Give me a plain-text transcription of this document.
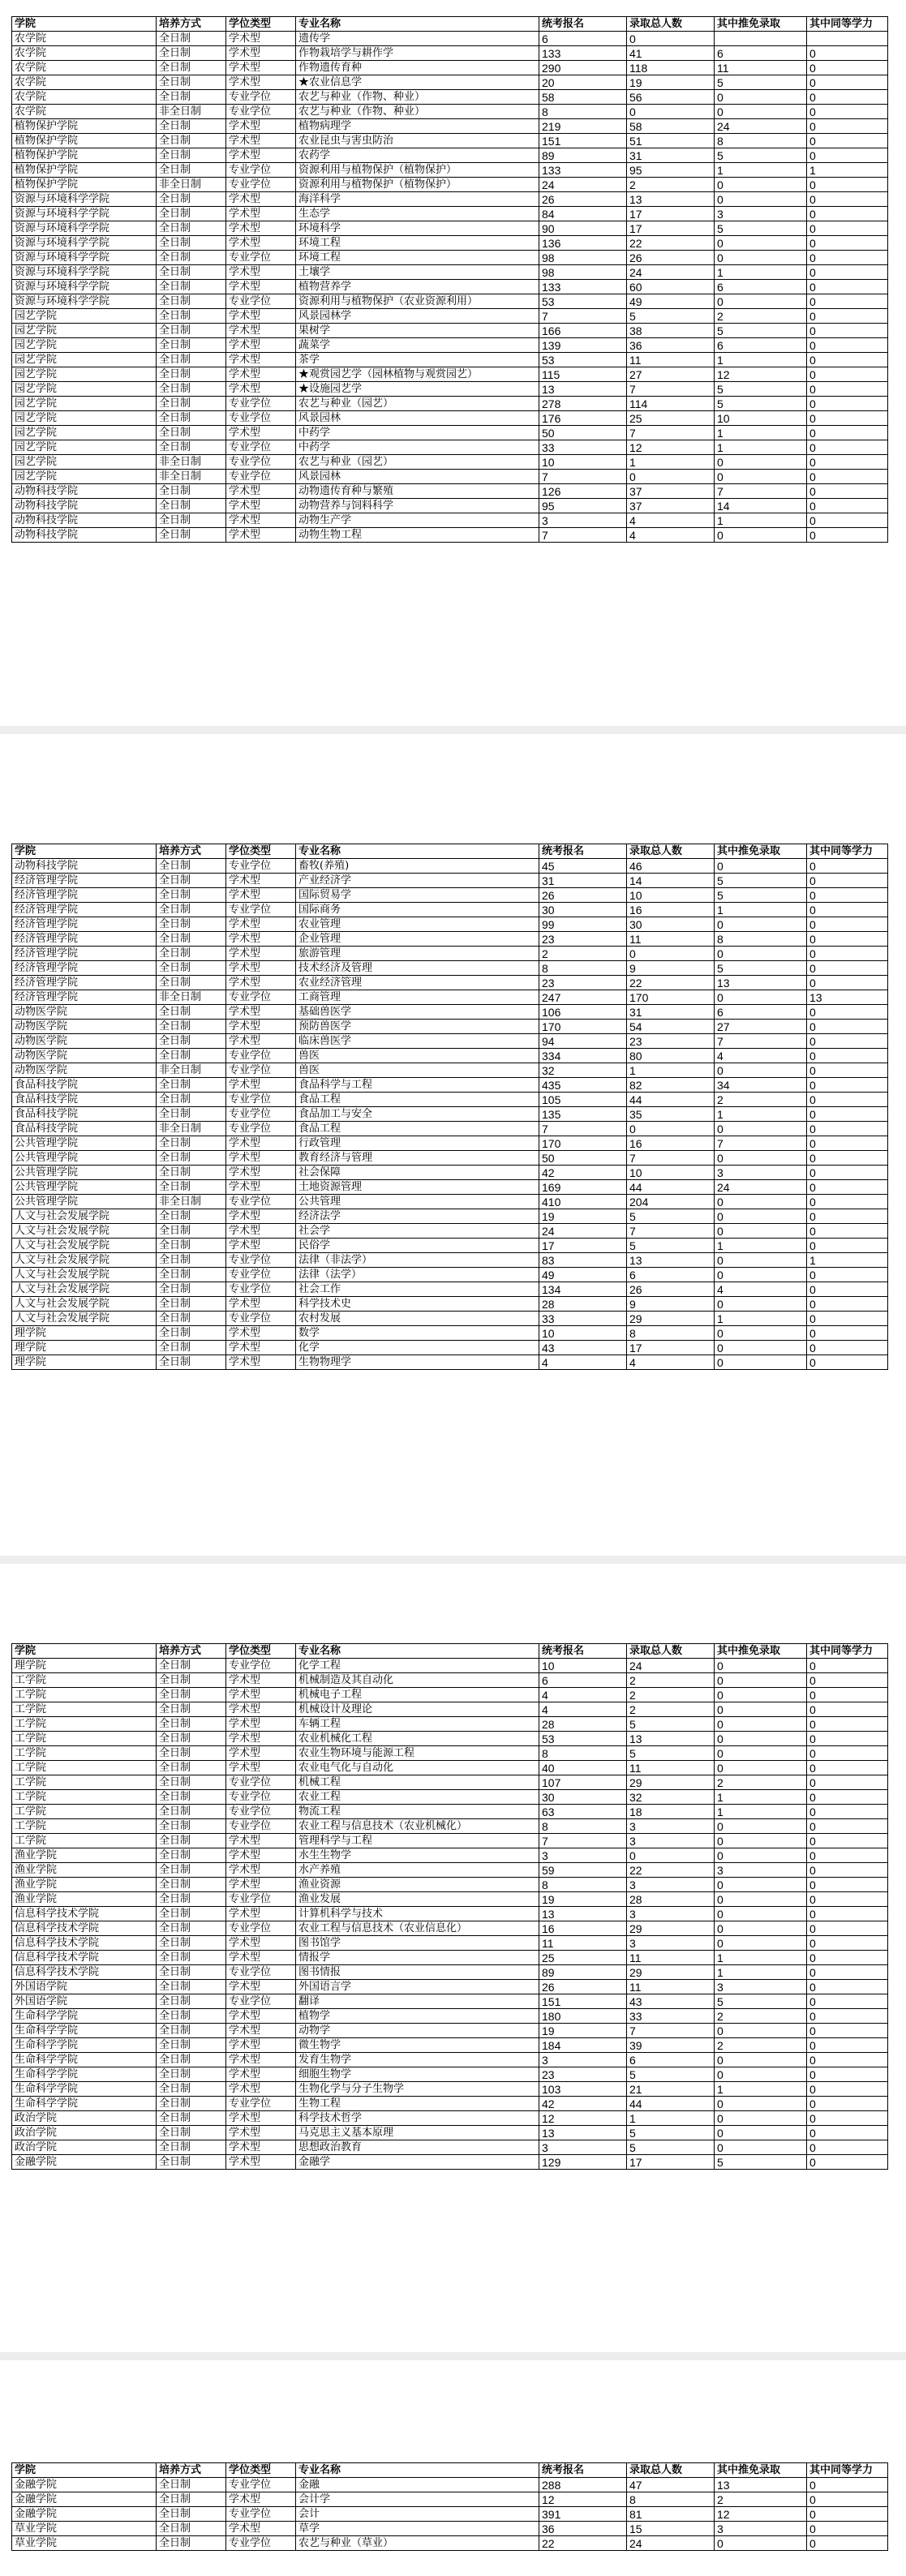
学院	培养方式	学位类型	专业名称	统考报名	录取总人数	其中推免录取	其中同等学力
农学院	全日制	学术型	遗传学	6	0		
农学院	全日制	学术型	作物栽培学与耕作学	133	41	6	0
农学院	全日制	学术型	作物遗传育种	290	118	11	0
农学院	全日制	学术型	★农业信息学	20	19	5	0
农学院	全日制	专业学位	农艺与种业（作物、种业）	58	56	0	0
农学院	非全日制	专业学位	农艺与种业（作物、种业）	8	0	0	0
植物保护学院	全日制	学术型	植物病理学	219	58	24	0
植物保护学院	全日制	学术型	农业昆虫与害虫防治	151	51	8	0
植物保护学院	全日制	学术型	农药学	89	31	5	0
植物保护学院	全日制	专业学位	资源利用与植物保护（植物保护）	133	95	1	1
植物保护学院	非全日制	专业学位	资源利用与植物保护（植物保护）	24	2	0	0
资源与环境科学学院	全日制	学术型	海洋科学	26	13	0	0
资源与环境科学学院	全日制	学术型	生态学	84	17	3	0
资源与环境科学学院	全日制	学术型	环境科学	90	17	5	0
资源与环境科学学院	全日制	学术型	环境工程	136	22	0	0
资源与环境科学学院	全日制	专业学位	环境工程	98	26	0	0
资源与环境科学学院	全日制	学术型	土壤学	98	24	1	0
资源与环境科学学院	全日制	学术型	植物营养学	133	60	6	0
资源与环境科学学院	全日制	专业学位	资源利用与植物保护（农业资源利用）	53	49	0	0
园艺学院	全日制	学术型	风景园林学	7	5	2	0
园艺学院	全日制	学术型	果树学	166	38	5	0
园艺学院	全日制	学术型	蔬菜学	139	36	6	0
园艺学院	全日制	学术型	茶学	53	11	1	0
园艺学院	全日制	学术型	★观赏园艺学（园林植物与观赏园艺）	115	27	12	0
园艺学院	全日制	学术型	★设施园艺学	13	7	5	0
园艺学院	全日制	专业学位	农艺与种业（园艺）	278	114	5	0
园艺学院	全日制	专业学位	风景园林	176	25	10	0
园艺学院	全日制	学术型	中药学	50	7	1	0
园艺学院	全日制	专业学位	中药学	33	12	1	0
园艺学院	非全日制	专业学位	农艺与种业（园艺）	10	1	0	0
园艺学院	非全日制	专业学位	风景园林	7	0	0	0
动物科技学院	全日制	学术型	动物遗传育种与繁殖	126	37	7	0
动物科技学院	全日制	学术型	动物营养与饲料科学	95	37	14	0
动物科技学院	全日制	学术型	动物生产学	3	4	1	0
动物科技学院	全日制	学术型	动物生物工程	7	4	0	0
学院	培养方式	学位类型	专业名称	统考报名	录取总人数	其中推免录取	其中同等学力
动物科技学院	全日制	专业学位	畜牧(养殖)	45	46	0	0
经济管理学院	全日制	学术型	产业经济学	31	14	5	0
经济管理学院	全日制	学术型	国际贸易学	26	10	5	0
经济管理学院	全日制	专业学位	国际商务	30	16	1	0
经济管理学院	全日制	学术型	农业管理	99	30	0	0
经济管理学院	全日制	学术型	企业管理	23	11	8	0
经济管理学院	全日制	学术型	旅游管理	2	0	0	0
经济管理学院	全日制	学术型	技术经济及管理	8	9	5	0
经济管理学院	全日制	学术型	农业经济管理	23	22	13	0
经济管理学院	非全日制	专业学位	工商管理	247	170	0	13
动物医学院	全日制	学术型	基础兽医学	106	31	6	0
动物医学院	全日制	学术型	预防兽医学	170	54	27	0
动物医学院	全日制	学术型	临床兽医学	94	23	7	0
动物医学院	全日制	专业学位	兽医	334	80	4	0
动物医学院	非全日制	专业学位	兽医	32	1	0	0
食品科技学院	全日制	学术型	食品科学与工程	435	82	34	0
食品科技学院	全日制	专业学位	食品工程	105	44	2	0
食品科技学院	全日制	专业学位	食品加工与安全	135	35	1	0
食品科技学院	非全日制	专业学位	食品工程	7	0	0	0
公共管理学院	全日制	学术型	行政管理	170	16	7	0
公共管理学院	全日制	学术型	教育经济与管理	50	7	0	0
公共管理学院	全日制	学术型	社会保障	42	10	3	0
公共管理学院	全日制	学术型	土地资源管理	169	44	24	0
公共管理学院	非全日制	专业学位	公共管理	410	204	0	0
人文与社会发展学院	全日制	学术型	经济法学	19	5	0	0
人文与社会发展学院	全日制	学术型	社会学	24	7	0	0
人文与社会发展学院	全日制	学术型	民俗学	17	5	1	0
人文与社会发展学院	全日制	专业学位	法律（非法学）	83	13	0	1
人文与社会发展学院	全日制	专业学位	法律（法学）	49	6	0	0
人文与社会发展学院	全日制	专业学位	社会工作	134	26	4	0
人文与社会发展学院	全日制	学术型	科学技术史	28	9	0	0
人文与社会发展学院	全日制	专业学位	农村发展	33	29	1	0
理学院	全日制	学术型	数学	10	8	0	0
理学院	全日制	学术型	化学	43	17	0	0
理学院	全日制	学术型	生物物理学	4	4	0	0
学院	培养方式	学位类型	专业名称	统考报名	录取总人数	其中推免录取	其中同等学力
理学院	全日制	专业学位	化学工程	10	24	0	0
工学院	全日制	学术型	机械制造及其自动化	6	2	0	0
工学院	全日制	学术型	机械电子工程	4	2	0	0
工学院	全日制	学术型	机械设计及理论	4	2	0	0
工学院	全日制	学术型	车辆工程	28	5	0	0
工学院	全日制	学术型	农业机械化工程	53	13	0	0
工学院	全日制	学术型	农业生物环境与能源工程	8	5	0	0
工学院	全日制	学术型	农业电气化与自动化	40	11	0	0
工学院	全日制	专业学位	机械工程	107	29	2	0
工学院	全日制	专业学位	农业工程	30	32	1	0
工学院	全日制	专业学位	物流工程	63	18	1	0
工学院	全日制	专业学位	农业工程与信息技术（农业机械化）	8	3	0	0
工学院	全日制	学术型	管理科学与工程	7	3	0	0
渔业学院	全日制	学术型	水生生物学	3	0	0	0
渔业学院	全日制	学术型	水产养殖	59	22	3	0
渔业学院	全日制	学术型	渔业资源	8	3	0	0
渔业学院	全日制	专业学位	渔业发展	19	28	0	0
信息科学技术学院	全日制	学术型	计算机科学与技术	13	3	0	0
信息科学技术学院	全日制	专业学位	农业工程与信息技术（农业信息化）	16	29	0	0
信息科学技术学院	全日制	学术型	图书馆学	11	3	0	0
信息科学技术学院	全日制	学术型	情报学	25	11	1	0
信息科学技术学院	全日制	专业学位	图书情报	89	29	1	0
外国语学院	全日制	学术型	外国语言学	26	11	3	0
外国语学院	全日制	专业学位	翻译	151	43	5	0
生命科学学院	全日制	学术型	植物学	180	33	2	0
生命科学学院	全日制	学术型	动物学	19	7	0	0
生命科学学院	全日制	学术型	微生物学	184	39	2	0
生命科学学院	全日制	学术型	发育生物学	3	6	0	0
生命科学学院	全日制	学术型	细胞生物学	23	5	0	0
生命科学学院	全日制	学术型	生物化学与分子生物学	103	21	1	0
生命科学学院	全日制	专业学位	生物工程	42	44	0	0
政治学院	全日制	学术型	科学技术哲学	12	1	0	0
政治学院	全日制	学术型	马克思主义基本原理	13	5	0	0
政治学院	全日制	学术型	思想政治教育	3	5	0	0
金融学院	全日制	学术型	金融学	129	17	5	0
学院	培养方式	学位类型	专业名称	统考报名	录取总人数	其中推免录取	其中同等学力
金融学院	全日制	专业学位	金融	288	47	13	0
金融学院	全日制	学术型	会计学	12	8	2	0
金融学院	全日制	专业学位	会计	391	81	12	0
草业学院	全日制	学术型	草学	36	15	3	0
草业学院	全日制	专业学位	农艺与种业（草业）	22	24	0	0
